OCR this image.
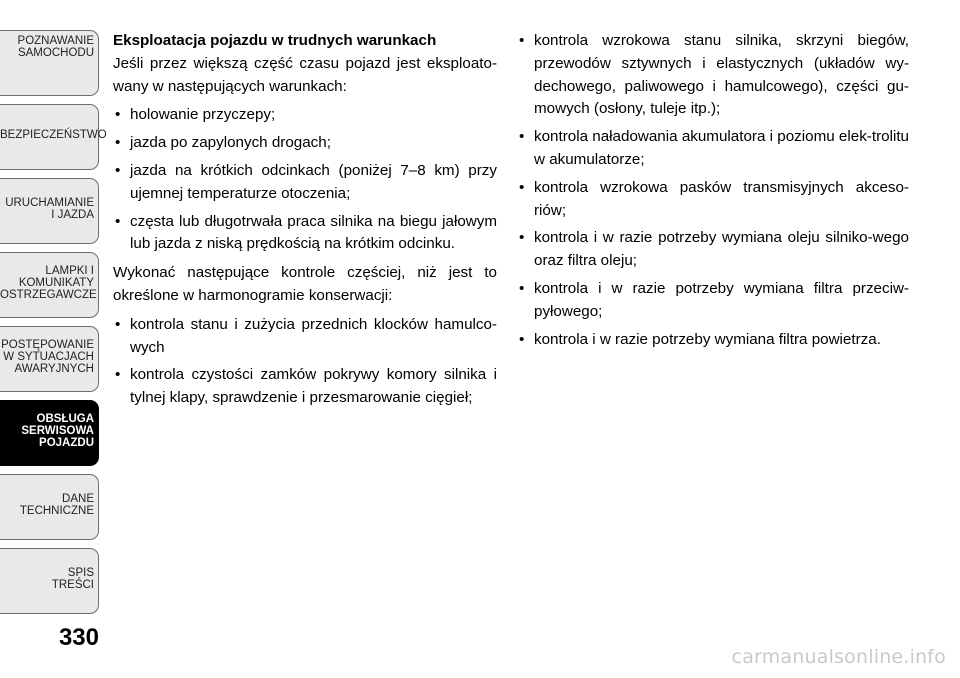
POZNAWANIE
SAMOCHODU
BEZPIECZEŃSTWO
URUCHAMIANIE
I JAZDA
LAMPKI I
KOMUNIKATY
OSTRZEGAWCZE
POSTĘPOWANIE
W SYTUACJACH
AWARYJNYCH
OBSŁUGA
SERWISOWA
POJAZDU
DANE
TECHNICZNE
SPIS
TREŚCI
330

Eksploatacja pojazdu w trudnych warunkach

Jeśli przez większą część czasu pojazd jest eksploato-wany w następujących warunkach:

• holowanie przyczepy;
• jazda po zapylonych drogach;
• jazda na krótkich odcinkach (poniżej 7–8 km) przy ujemnej temperaturze otoczenia;
• częsta lub długotrwała praca silnika na biegu jałowym lub jazda z niską prędkością na krótkim odcinku.

Wykonać następujące kontrole częściej, niż jest to określone w harmonogramie konserwacji:

• kontrola stanu i zużycia przednich klocków hamulco-wych
• kontrola czystości zamków pokrywy komory silnika i tylnej klapy, sprawdzenie i przesmarowanie cięgieł;
• kontrola wzrokowa stanu silnika, skrzyni biegów, przewodów sztywnych i elastycznych (układów wy-dechowego, paliwowego i hamulcowego), części gu-mowych (osłony, tuleje itp.);
• kontrola naładowania akumulatora i poziomu elek-trolitu w akumulatorze;
• kontrola wzrokowa pasków transmisyjnych akceso-riów;
• kontrola i w razie potrzeby wymiana oleju silniko-wego oraz filtra oleju;
• kontrola i w razie potrzeby wymiana filtra przeciw-pyłowego;
• kontrola i w razie potrzeby wymiana filtra powietrza.
carmanualsonline.info
